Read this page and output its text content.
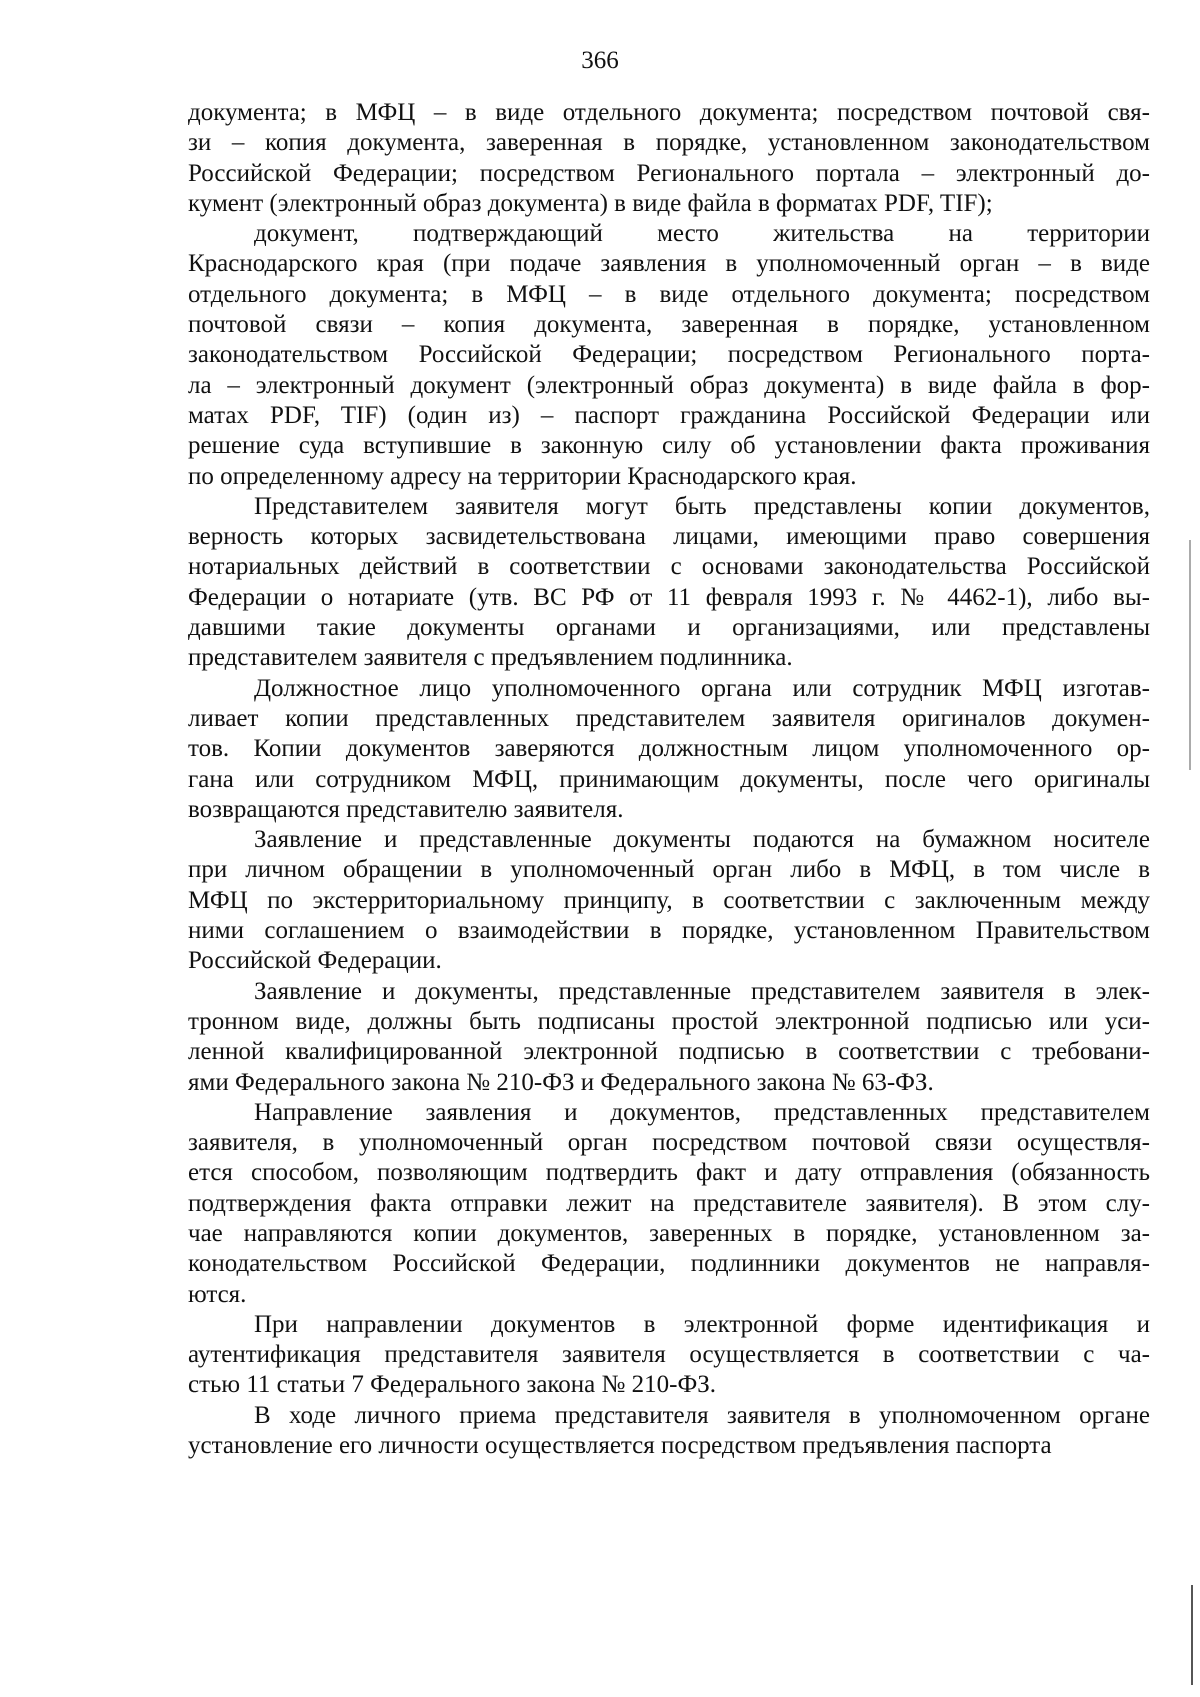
366
документа; в МФЦ – в виде отдельного документа; посредством почтовой свя-
зи – копия документа, заверенная в порядке, установленном законодательством
Российской Федерации; посредством Регионального портала – электронный до-
кумент (электронный образ документа) в виде файла в форматах PDF, TIF);
документ, подтверждающий место жительства на территории
Краснодарского края (при подаче заявления в уполномоченный орган – в виде
отдельного документа; в МФЦ – в виде отдельного документа; посредством
почтовой связи – копия документа, заверенная в порядке, установленном
законодательством Российской Федерации; посредством Регионального порта-
ла – электронный документ (электронный образ документа) в виде файла в фор-
матах PDF, TIF) (один из) – паспорт гражданина Российской Федерации или
решение суда вступившие в законную силу об установлении факта проживания
по определенному адресу на территории Краснодарского края.
Представителем заявителя могут быть представлены копии документов,
верность которых засвидетельствована лицами, имеющими право совершения
нотариальных действий в соответствии с основами законодательства Российской
Федерации о нотариате (утв. ВС РФ от 11 февраля 1993 г. № 4462-1), либо вы-
давшими такие документы органами и организациями, или представлены
представителем заявителя с предъявлением подлинника.
Должностное лицо уполномоченного органа или сотрудник МФЦ изготав-
ливает копии представленных представителем заявителя оригиналов докумен-
тов. Копии документов заверяются должностным лицом уполномоченного ор-
гана или сотрудником МФЦ, принимающим документы, после чего оригиналы
возвращаются представителю заявителя.
Заявление и представленные документы подаются на бумажном носителе
при личном обращении в уполномоченный орган либо в МФЦ, в том числе в
МФЦ по экстерриториальному принципу, в соответствии с заключенным между
ними соглашением о взаимодействии в порядке, установленном Правительством
Российской Федерации.
Заявление и документы, представленные представителем заявителя в элек-
тронном виде, должны быть подписаны простой электронной подписью или уси-
ленной квалифицированной электронной подписью в соответствии с требовани-
ями Федерального закона № 210-ФЗ и Федерального закона № 63-ФЗ.
Направление заявления и документов, представленных представителем
заявителя, в уполномоченный орган посредством почтовой связи осуществля-
ется способом, позволяющим подтвердить факт и дату отправления (обязанность
подтверждения факта отправки лежит на представителе заявителя). В этом слу-
чае направляются копии документов, заверенных в порядке, установленном за-
конодательством Российской Федерации, подлинники документов не направля-
ются.
При направлении документов в электронной форме идентификация и
аутентификация представителя заявителя осуществляется в соответствии с ча-
стью 11 статьи 7 Федерального закона № 210-ФЗ.
В ходе личного приема представителя заявителя в уполномоченном органе
установление его личности осуществляется посредством предъявления паспорта
